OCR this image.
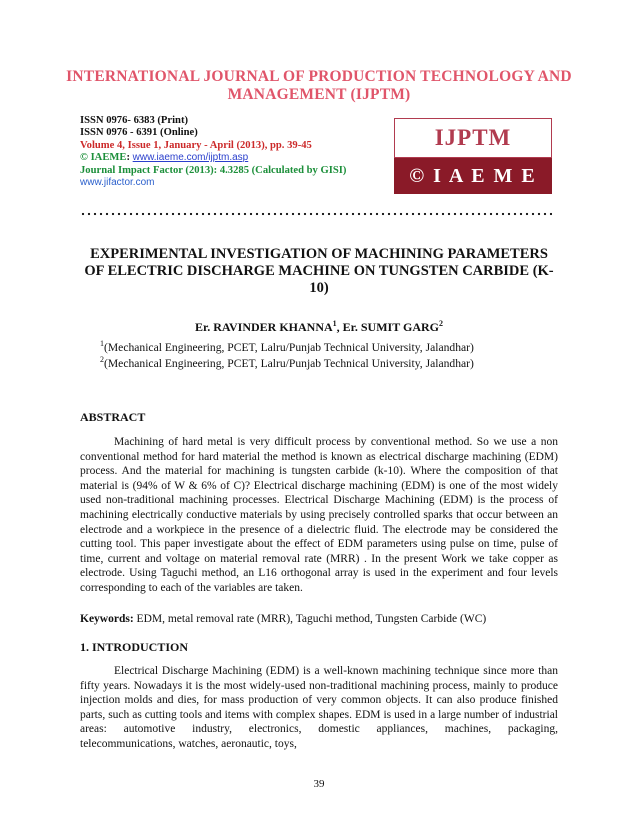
INTERNATIONAL JOURNAL OF PRODUCTION TECHNOLOGY AND MANAGEMENT (IJPTM)
ISSN 0976- 6383 (Print)
ISSN 0976 - 6391 (Online)
Volume 4, Issue 1, January - April (2013), pp. 39-45
© IAEME: www.iaeme.com/ijptm.asp
Journal Impact Factor (2013): 4.3285 (Calculated by GISI)
www.jifactor.com
IJPTM
© I A E M E
EXPERIMENTAL INVESTIGATION OF MACHINING PARAMETERS OF ELECTRIC DISCHARGE MACHINE ON TUNGSTEN CARBIDE (K-10)
Er. RAVINDER KHANNA$^1$, Er. SUMIT GARG$^2$
$^1$(Mechanical Engineering, PCET, Lalru/Punjab Technical University, Jalandhar)
$^2$(Mechanical Engineering, PCET, Lalru/Punjab Technical University, Jalandhar)
ABSTRACT
Machining of hard metal is very difficult process by conventional method. So we use a non conventional method for hard material the method is known as electrical discharge machining (EDM) process. And the material for machining is tungsten carbide (k-10). Where the composition of that material is (94% of W & 6% of C)? Electrical discharge machining (EDM) is one of the most widely used non-traditional machining processes. Electrical Discharge Machining (EDM) is the process of machining electrically conductive materials by using precisely controlled sparks that occur between an electrode and a workpiece in the presence of a dielectric fluid. The electrode may be considered the cutting tool. This paper investigate about the effect of EDM parameters using pulse on time, pulse of time, current and voltage on material removal rate (MRR) . In the present Work we take copper as electrode. Using Taguchi method, an L16 orthogonal array is used in the experiment and four levels corresponding to each of the variables are taken.
Keywords: EDM, metal removal rate (MRR), Taguchi method, Tungsten Carbide (WC)
1. INTRODUCTION
Electrical Discharge Machining (EDM) is a well-known machining technique since more than fifty years. Nowadays it is the most widely-used non-traditional machining process, mainly to produce injection molds and dies, for mass production of very common objects. It can also produce finished parts, such as cutting tools and items with complex shapes. EDM is used in a large number of industrial areas: automotive industry, electronics, domestic appliances, machines, packaging, telecommunications, watches, aeronautic, toys,
39
